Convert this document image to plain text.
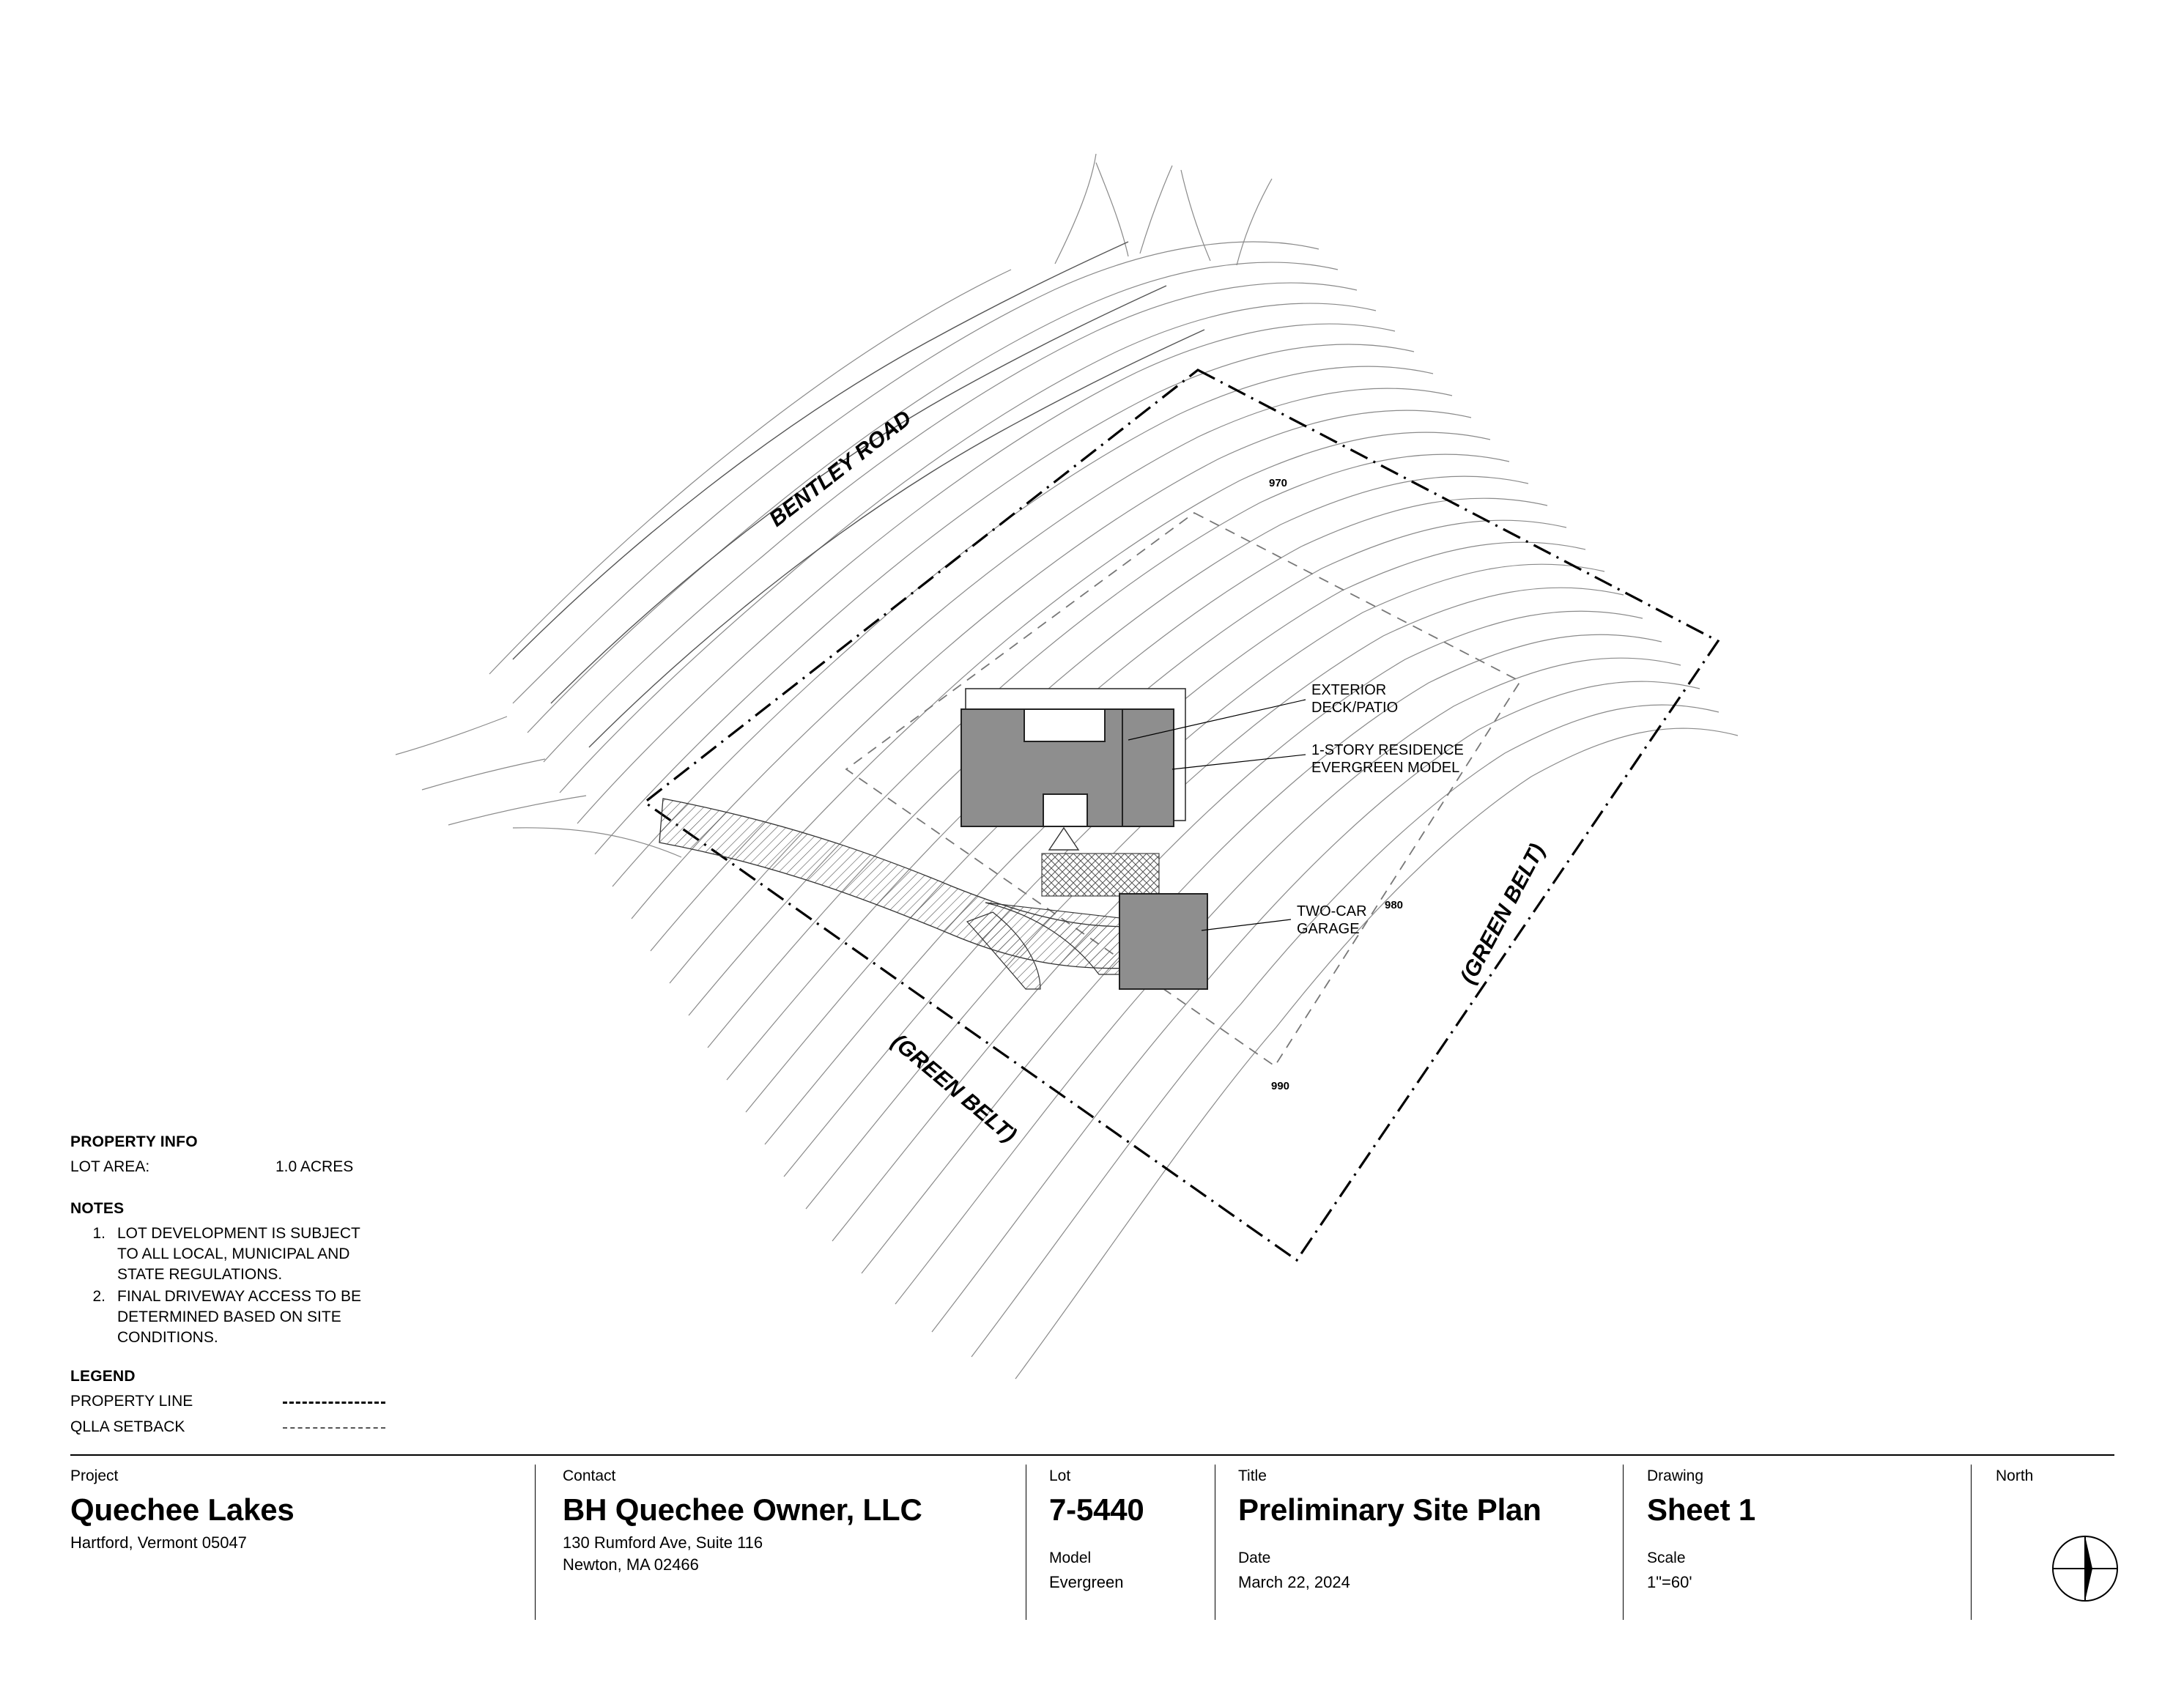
EXTERIOR
DECK/PATIO
1-STORY RESIDENCE
EVERGREEN MODEL
TWO-CAR
GARAGE
970
980
990
BENTLEY ROAD
(GREEN BELT)
(GREEN BELT)
PROPERTY INFO
LOT AREA:	1.0 ACRES
NOTES
1. LOT DEVELOPMENT IS SUBJECT TO ALL LOCAL, MUNICIPAL AND STATE REGULATIONS.
2. FINAL DRIVEWAY ACCESS TO BE DETERMINED BASED ON SITE CONDITIONS.
LEGEND
PROPERTY LINE
QLLA SETBACK
Project
Quechee Lakes
Hartford, Vermont 05047
Contact
BH Quechee Owner, LLC
130 Rumford Ave, Suite 116
Newton, MA 02466
Lot
7-5440
Model
Evergreen
Title
Preliminary Site Plan
Date
March 22, 2024
Drawing
Sheet 1
Scale
1"=60'
North
